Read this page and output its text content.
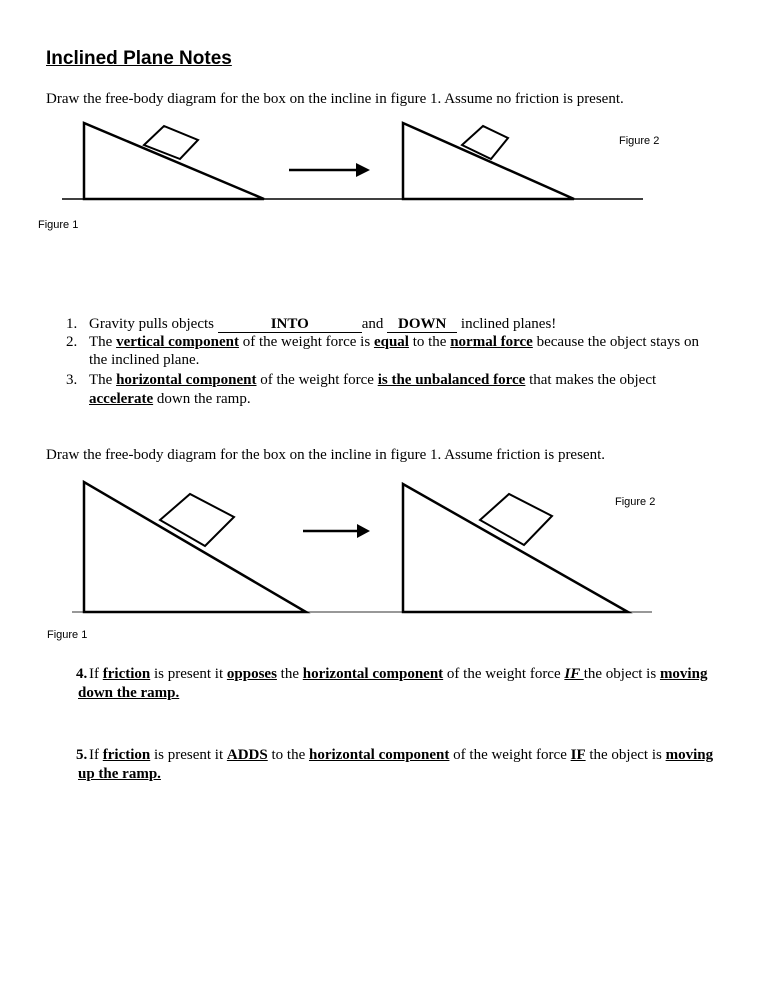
Inclined Plane Notes
Draw the free-body diagram for the box on the incline in figure 1. Assume no friction is present.
Figure 2
Figure 1
1. Gravity pulls objects	INTO	and DOWN inclined planes!
2. The vertical component of the weight force is equal to the normal force because the object stays on
the inclined plane.
3. The horizontal component of the weight force is the unbalanced force that makes the object
accelerate down the ramp.
Draw the free-body diagram for the box on the incline in figure 1. Assume friction is present.
Figure 2
Figure 1
4. If friction is present it opposes the horizontal component of the weight force IF the object is moving
down the ramp.
5. If friction is present it ADDS to the horizontal component of the weight force IF the object is moving
up the ramp.
